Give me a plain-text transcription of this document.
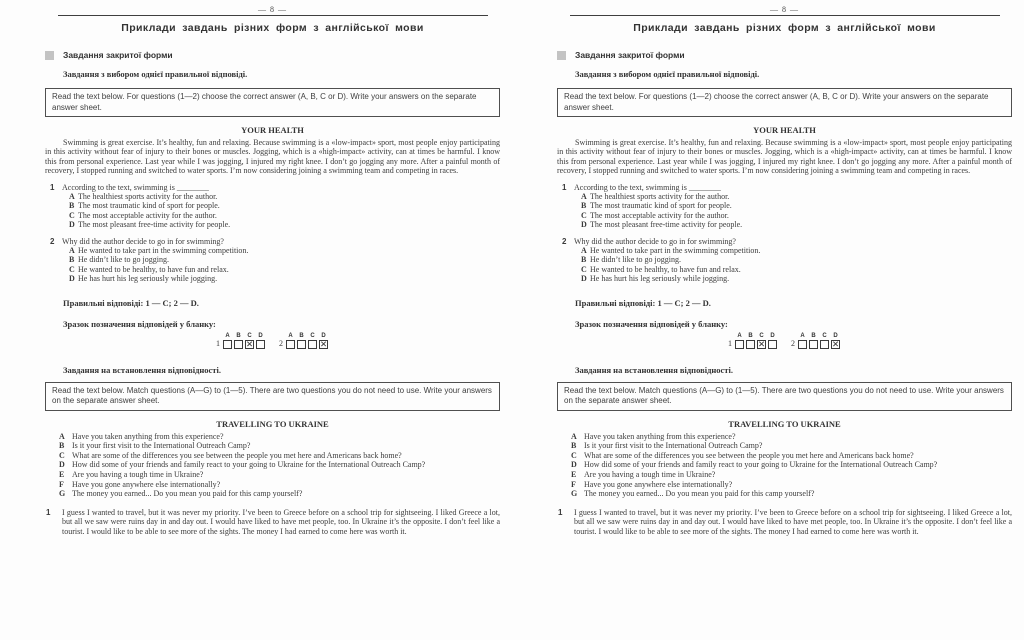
— 8 —
Приклади завдань різних форм з англійської мови
Завдання закритої форми
Завдання з вибором однієї правильної відповіді.
Read the text below. For questions (1—2) choose the correct answer (A, B, C or D). Write your answers on the separate answer sheet.
YOUR HEALTH
Swimming is great exercise. It’s healthy, fun and relaxing. Because swimming is a «low-impact» sport, most people enjoy participating in this activity without fear of injury to their bones or muscles. Jogging, which is a «high-impact» activity, can at times be harmful. I know this from personal experience. Last year while I was jogging, I injured my right knee. I don’t go jogging any more. After a painful month of recovery, I stopped running and switched to water sports. I’m now considering joining a swimming team and competing in races.
1 According to the text, swimming is ________
A The healthiest sports activity for the author.
B The most traumatic kind of sport for people.
C The most acceptable activity for the author.
D The most pleasant free-time activity for people.
2 Why did the author decide to go in for swimming?
A He wanted to take part in the swimming competition.
B He didn’t like to go jogging.
C He wanted to be healthy, to have fun and relax.
D He has hurt his leg seriously while jogging.
Правильні відповіді: 1 — C; 2 — D.
Зразок позначення відповідей у бланку:
1
A B C
✕
D
2
A B C D
✕
Завдання на встановлення відповідності.
Read the text below. Match questions (A—G) to (1—5). There are two questions you do not need to use. Write your answers on the separate answer sheet.
TRAVELLING TO UKRAINE
A Have you taken anything from this experience?
B Is it your first visit to the International Outreach Camp?
C What are some of the differences you see between the people you met here and Americans back home?
D How did some of your friends and family react to your going to Ukraine for the International Outreach Camp?
E Are you having a tough time in Ukraine?
F	Have you gone anywhere else internationally?
G The money you earned... Do you mean you paid for this camp yourself?
1	I guess I wanted to travel, but it was never my priority. I’ve been to Greece before on a school trip for sightseeing. I liked Greece a lot, but all we saw were ruins day in and day out. I would have liked to have met people, too. In Ukraine it’s the opposite. I don’t feel like a tourist. I would like to be able to see more of the sights. The money I had earned to come here was worth it.
— 8 —
Приклади завдань різних форм з англійської мови
Завдання закритої форми
Завдання з вибором однієї правильної відповіді.
Read the text below. For questions (1—2) choose the correct answer (A, B, C or D). Write your answers on the separate answer sheet.
YOUR HEALTH
Swimming is great exercise. It’s healthy, fun and relaxing. Because swimming is a «low-impact» sport, most people enjoy participating in this activity without fear of injury to their bones or muscles. Jogging, which is a «high-impact» activity, can at times be harmful. I know this from personal experience. Last year while I was jogging, I injured my right knee. I don’t go jogging any more. After a painful month of recovery, I stopped running and switched to water sports. I’m now considering joining a swimming team and competing in races.
1 According to the text, swimming is ________
A The healthiest sports activity for the author.
B The most traumatic kind of sport for people.
C The most acceptable activity for the author.
D The most pleasant free-time activity for people.
2 Why did the author decide to go in for swimming?
A He wanted to take part in the swimming competition.
B He didn’t like to go jogging.
C He wanted to be healthy, to have fun and relax.
D He has hurt his leg seriously while jogging.
Правильні відповіді: 1 — C; 2 — D.
Зразок позначення відповідей у бланку:
1
A B C
✕
D
2
A B C D
✕
Завдання на встановлення відповідності.
Read the text below. Match questions (A—G) to (1—5). There are two questions you do not need to use. Write your answers on the separate answer sheet.
TRAVELLING TO UKRAINE
A Have you taken anything from this experience?
B Is it your first visit to the International Outreach Camp?
C What are some of the differences you see between the people you met here and Americans back home?
D How did some of your friends and family react to your going to Ukraine for the International Outreach Camp?
E Are you having a tough time in Ukraine?
F	Have you gone anywhere else internationally?
G The money you earned... Do you mean you paid for this camp yourself?
1	I guess I wanted to travel, but it was never my priority. I’ve been to Greece before on a school trip for sightseeing. I liked Greece a lot, but all we saw were ruins day in and day out. I would have liked to have met people, too. In Ukraine it’s the opposite. I don’t feel like a tourist. I would like to be able to see more of the sights. The money I had earned to come here was worth it.
